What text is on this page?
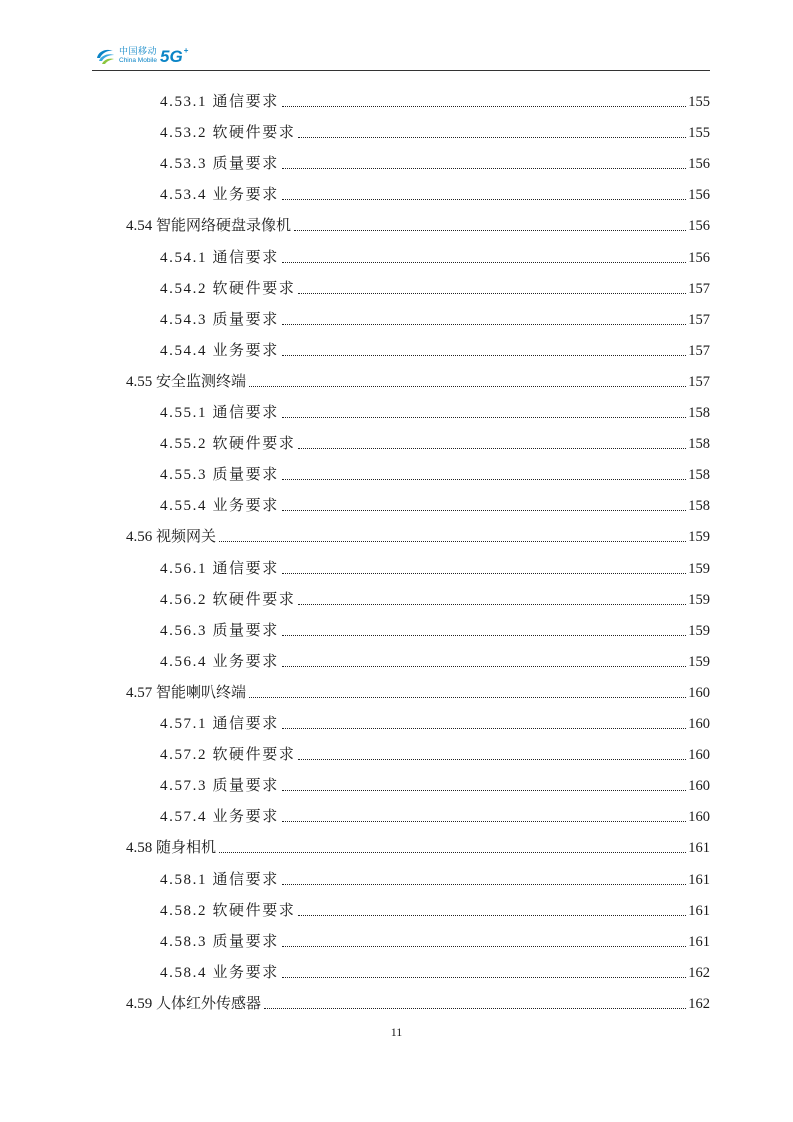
中国移动
China Mobile 5G +
4.53.1 通信要求	155
4.53.2 软硬件要求	155
4.53.3 质量要求	156
4.53.4 业务要求	156
4.54 智能网络硬盘录像机	156
4.54.1 通信要求	156
4.54.2 软硬件要求	157
4.54.3 质量要求	157
4.54.4 业务要求	157
4.55 安全监测终端	157
4.55.1 通信要求	158
4.55.2 软硬件要求	158
4.55.3 质量要求	158
4.55.4 业务要求	158
4.56 视频网关	159
4.56.1 通信要求	159
4.56.2 软硬件要求	159
4.56.3 质量要求	159
4.56.4 业务要求	159
4.57 智能喇叭终端	160
4.57.1 通信要求	160
4.57.2 软硬件要求	160
4.57.3 质量要求	160
4.57.4 业务要求	160
4.58 随身相机	161
4.58.1 通信要求	161
4.58.2 软硬件要求	161
4.58.3 质量要求	161
4.58.4 业务要求	162
4.59 人体红外传感器	162
11
